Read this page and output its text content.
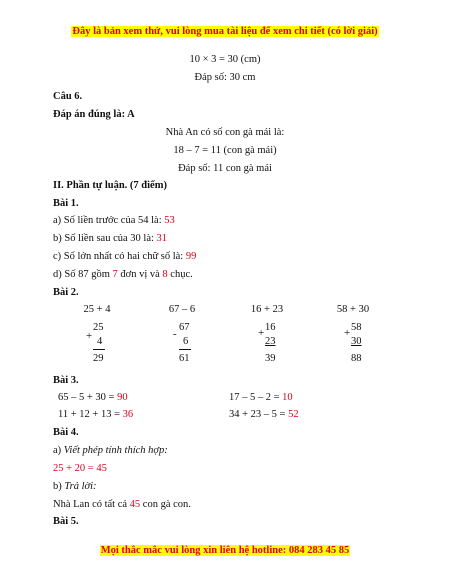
Đây là bản xem thử, vui lòng mua tài liệu để xem chi tiết (có lời giải)
10 × 3 = 30 (cm)
Đáp số: 30 cm
Câu 6.
Đáp án đúng là: A
Nhà An có số con gà mái là:
18 – 7 = 11 (con gà mái)
Đáp số: 11 con gà mái
II. Phần tự luận. (7 điểm)
Bài 1.
a) Số liền trước của 54 là: 53
b) Số liền sau của 30 là: 31
c) Số lớn nhất có hai chữ số là: 99
d) Số 87 gồm 7 đơn vị và 8 chục.
Bài 2.
25 + 4
25
+ 4
29
67 – 6
67
-
6
61
16 + 23
16
+
23
39
58 + 30
58
+
30
88
Bài 3.
65 – 5 + 30 = 90	17 – 5 – 2 = 10
11 + 12 + 13 = 36	34 + 23 – 5 = 52
Bài 4.
a) Viết phép tính thích hợp:
25 + 20 = 45
b) Trả lời:
Nhà Lan có tất cả 45 con gà con.
Bài 5.
Mọi thắc mắc vui lòng xin liên hệ hotline: 084 283 45 85
